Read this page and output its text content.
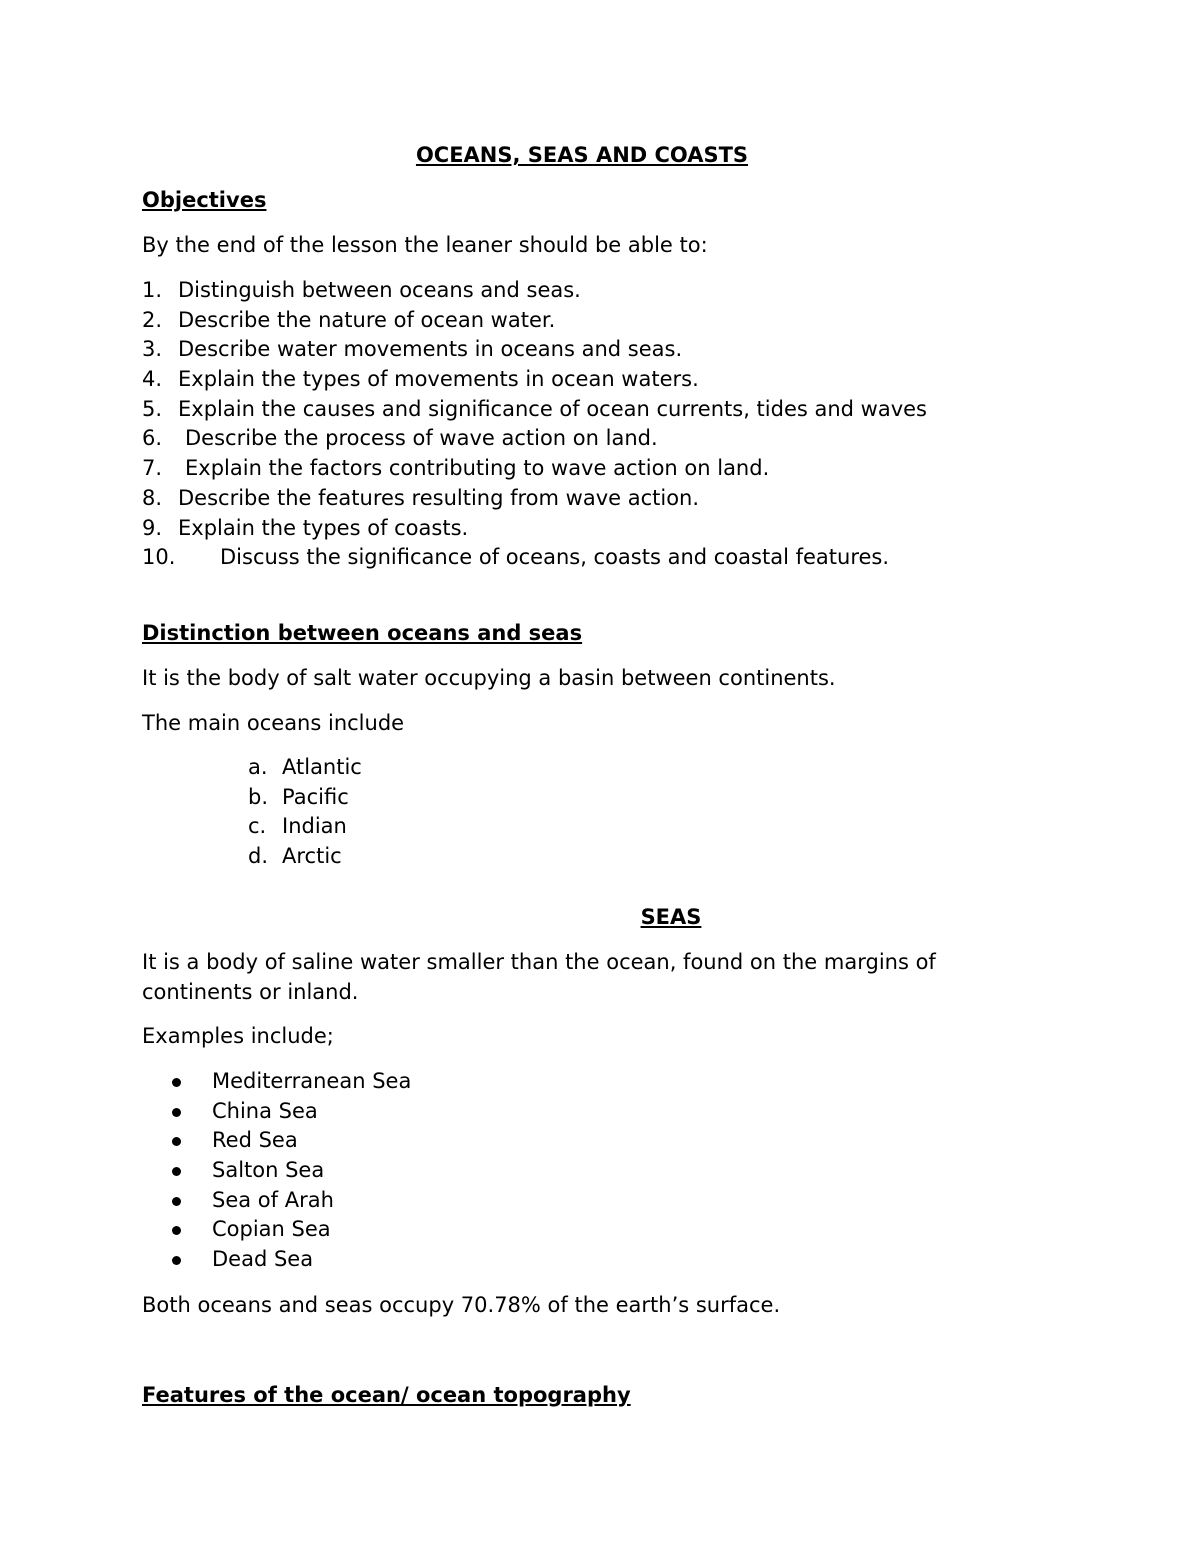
OCEANS, SEAS AND COASTS
Objectives
By the end of the lesson the leaner should be able to:
1. Distinguish between oceans and seas.
2. Describe the nature of ocean water.
3. Describe water movements in oceans and seas.
4. Explain the types of movements in ocean waters.
5. Explain the causes and significance of ocean currents, tides and waves
6. Describe the process of wave action on land.
7. Explain the factors contributing to wave action on land.
8. Describe the features resulting from wave action.
9. Explain the types of coasts.
10. Discuss the significance of oceans, coasts and coastal features.
Distinction between oceans and seas
It is the body of salt water occupying a basin between continents.
The main oceans include
a. Atlantic
b. Pacific
c. Indian
d. Arctic
SEAS
It is a body of saline water smaller than the ocean, found on the margins of continents or inland.
Examples include;
Mediterranean Sea
China Sea
Red Sea
Salton Sea
Sea of Arah
Copian Sea
Dead Sea
Both oceans and seas occupy 70.78% of the earth’s surface.
Features of the ocean/ ocean topography
